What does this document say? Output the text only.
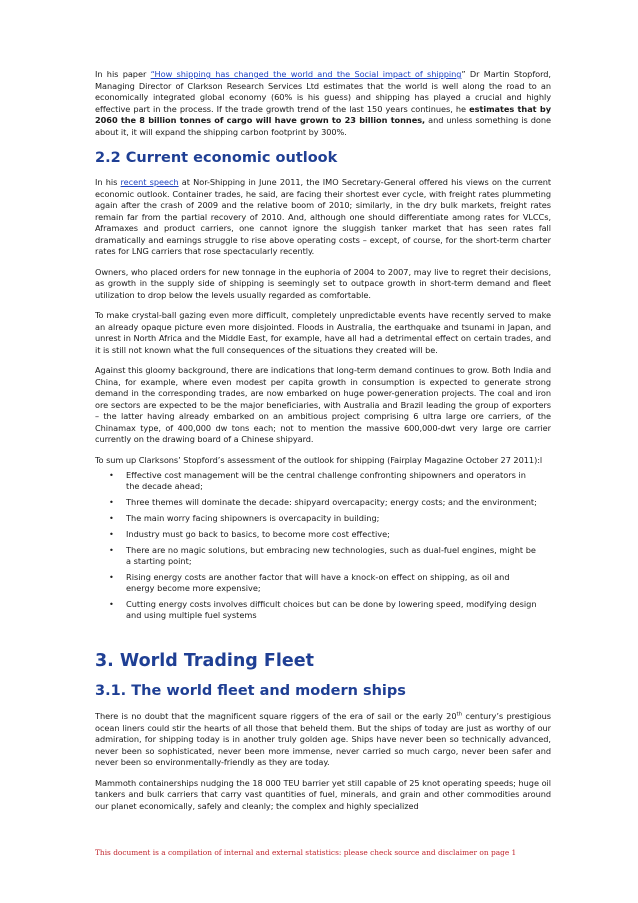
In his paper “How shipping has changed the world and the Social impact of shipping” Dr Martin Stopford, Managing Director of Clarkson Research Services Ltd estimates that the world is well along the road to an economically integrated global economy (60% is his guess) and shipping has played a crucial and highly effective part in the process. If the trade growth trend of the last 150 years continues, he estimates that by 2060 the 8 billion tonnes of cargo will have grown to 23 billion tonnes, and unless something is done about it, it will expand the shipping carbon footprint by 300%.

2.2 Current economic outlook

In his recent speech at Nor-Shipping in June 2011, the IMO Secretary-General offered his views on the current economic outlook. Container trades, he said, are facing their shortest ever cycle, with freight rates plummeting again after the crash of 2009 and the relative boom of 2010; similarly, in the dry bulk markets, freight rates remain far from the partial recovery of 2010. And, although one should differentiate among rates for VLCCs, Aframaxes and product carriers, one cannot ignore the sluggish tanker market that has seen rates fall dramatically and earnings struggle to rise above operating costs – except, of course, for the short-term charter rates for LNG carriers that rose spectacularly recently.

Owners, who placed orders for new tonnage in the euphoria of 2004 to 2007, may live to regret their decisions, as growth in the supply side of shipping is seemingly set to outpace growth in short-term demand and fleet utilization to drop below the levels usually regarded as comfortable.

To make crystal-ball gazing even more difficult, completely unpredictable events have recently served to make an already opaque picture even more disjointed. Floods in Australia, the earthquake and tsunami in Japan, and unrest in North Africa and the Middle East, for example, have all had a detrimental effect on certain trades, and it is still not known what the full consequences of the situations they created will be.

Against this gloomy background, there are indications that long-term demand continues to grow. Both India and China, for example, where even modest per capita growth in consumption is expected to generate strong demand in the corresponding trades, are now embarked on huge power-generation projects. The coal and iron ore sectors are expected to be the major beneficiaries, with Australia and Brazil leading the group of exporters – the latter having already embarked on an ambitious project comprising 6 ultra large ore carriers, of the Chinamax type, of 400,000 dw tons each; not to mention the massive 600,000-dwt very large ore carrier currently on the drawing board of a Chinese shipyard.

To sum up Clarksons’ Stopford’s assessment of the outlook for shipping (Fairplay Magazine October 27 2011):l

• Effective cost management will be the central challenge confronting shipowners and operators in the decade ahead;
• Three themes will dominate the decade: shipyard overcapacity; energy costs; and the environment;
• The main worry facing shipowners is overcapacity in building;
• Industry must go back to basics, to become more cost effective;
• There are no magic solutions, but embracing new technologies, such as dual-fuel engines, might be a starting point;
• Rising energy costs are another factor that will have a knock-on effect on shipping, as oil and energy become more expensive;
• Cutting energy costs involves difficult choices but can be done by lowering speed, modifying design and using multiple fuel systems
3. World Trading Fleet
3.1. The world fleet and modern ships

There is no doubt that the magnificent square riggers of the era of sail or the early 20th century’s prestigious ocean liners could stir the hearts of all those that beheld them. But the ships of today are just as worthy of our admiration, for shipping today is in another truly golden age. Ships have never been so technically advanced, never been so sophisticated, never been more immense, never carried so much cargo, never been safer and never been so environmentally-friendly as they are today.

Mammoth containerships nudging the 18 000 TEU barrier yet still capable of 25 knot operating speeds; huge oil tankers and bulk carriers that carry vast quantities of fuel, minerals, and grain and other commodities around our planet economically, safely and cleanly; the complex and highly specialized

This document is a compilation of internal and external statistics: please check source and disclaimer on page 1
